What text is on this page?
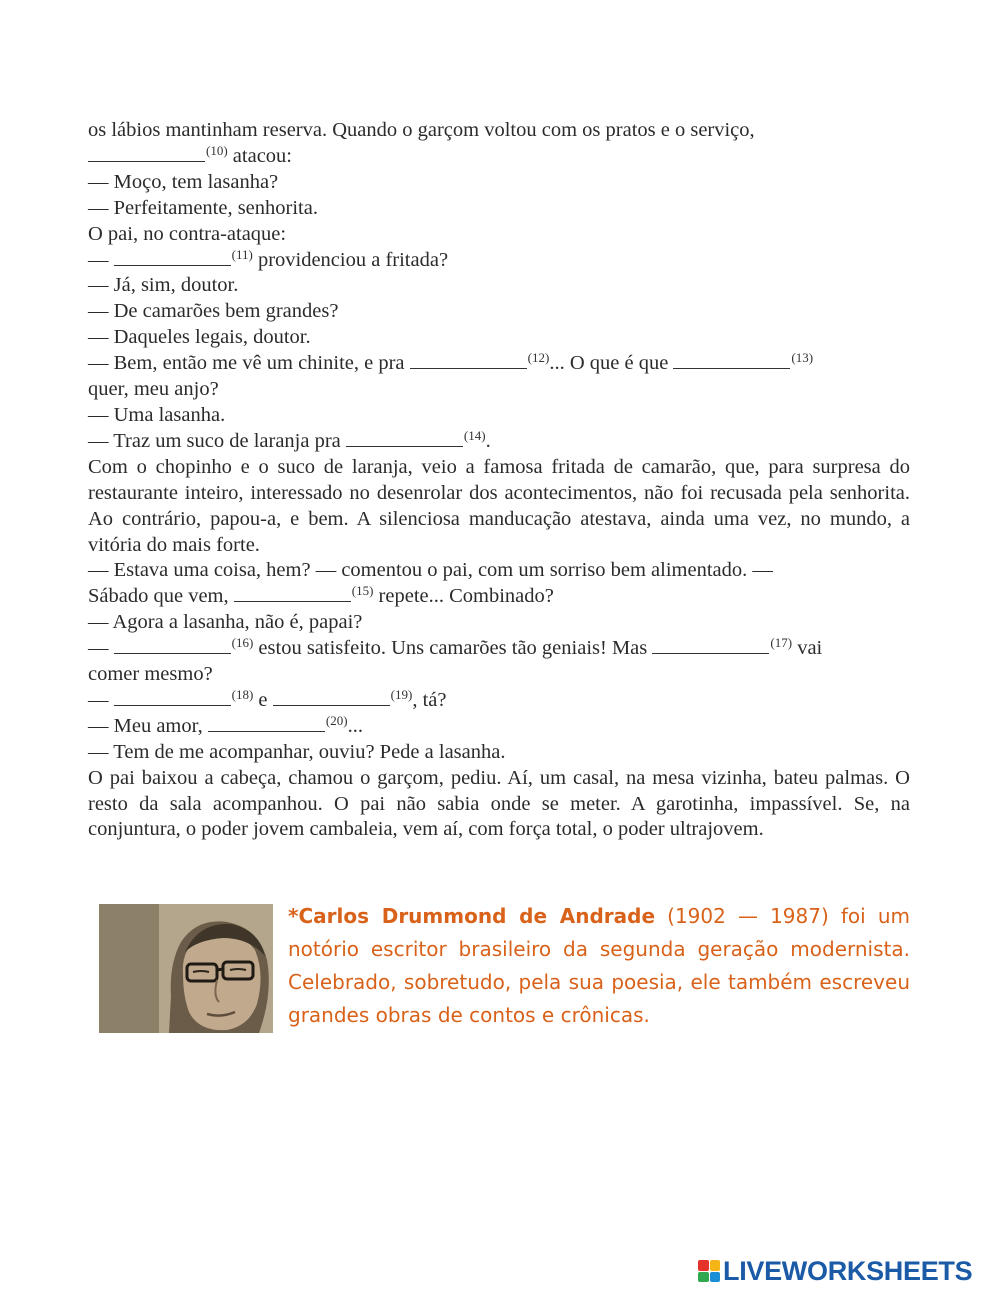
os lábios mantinham reserva. Quando o garçom voltou com os pratos e o serviço,
$^{(10)}$ atacou:
— Moço, tem lasanha?
— Perfeitamente, senhorita.
O pai, no contra-ataque:
—	$^{(11)}$ providenciou a fritada?
— Já, sim, doutor.
— De camarões bem grandes?
— Daqueles legais, doutor.
— Bem, então me vê um chinite, e pra	$^{(12)}$... O que é que	$^{(13)}$
quer, meu anjo?
— Uma lasanha.
— Traz um suco de laranja pra	$^{(14)}$.
Com o chopinho e o suco de laranja, veio a famosa fritada de camarão, que, para surpresa do restaurante inteiro, interessado no desenrolar dos acontecimentos, não foi recusada pela senhorita. Ao contrário, papou-a, e bem. A silenciosa manducação atestava, ainda uma vez, no mundo, a vitória do mais forte.
— Estava uma coisa, hem? — comentou o pai, com um sorriso bem alimentado. —
Sábado que vem,	$^{(15)}$ repete... Combinado?
— Agora a lasanha, não é, papai?
—	$^{(16)}$ estou satisfeito. Uns camarões tão geniais! Mas	$^{(17)}$ vai
comer mesmo?
—	$^{(18)}$ e	$^{(19)}$, tá?
— Meu amor,	$^{(20)}$...
— Tem de me acompanhar, ouviu? Pede a lasanha.
O pai baixou a cabeça, chamou o garçom, pediu. Aí, um casal, na mesa vizinha, bateu palmas. O resto da sala acompanhou. O pai não sabia onde se meter. A garotinha, impassível. Se, na conjuntura, o poder jovem cambaleia, vem aí, com força total, o poder ultrajovem.
*Carlos Drummond de Andrade (1902 — 1987) foi um notório escritor brasileiro da segunda geração modernista. Celebrado, sobretudo, pela sua poesia, ele também escreveu grandes obras de contos e crônicas.
LIVEWORKSHEETS
